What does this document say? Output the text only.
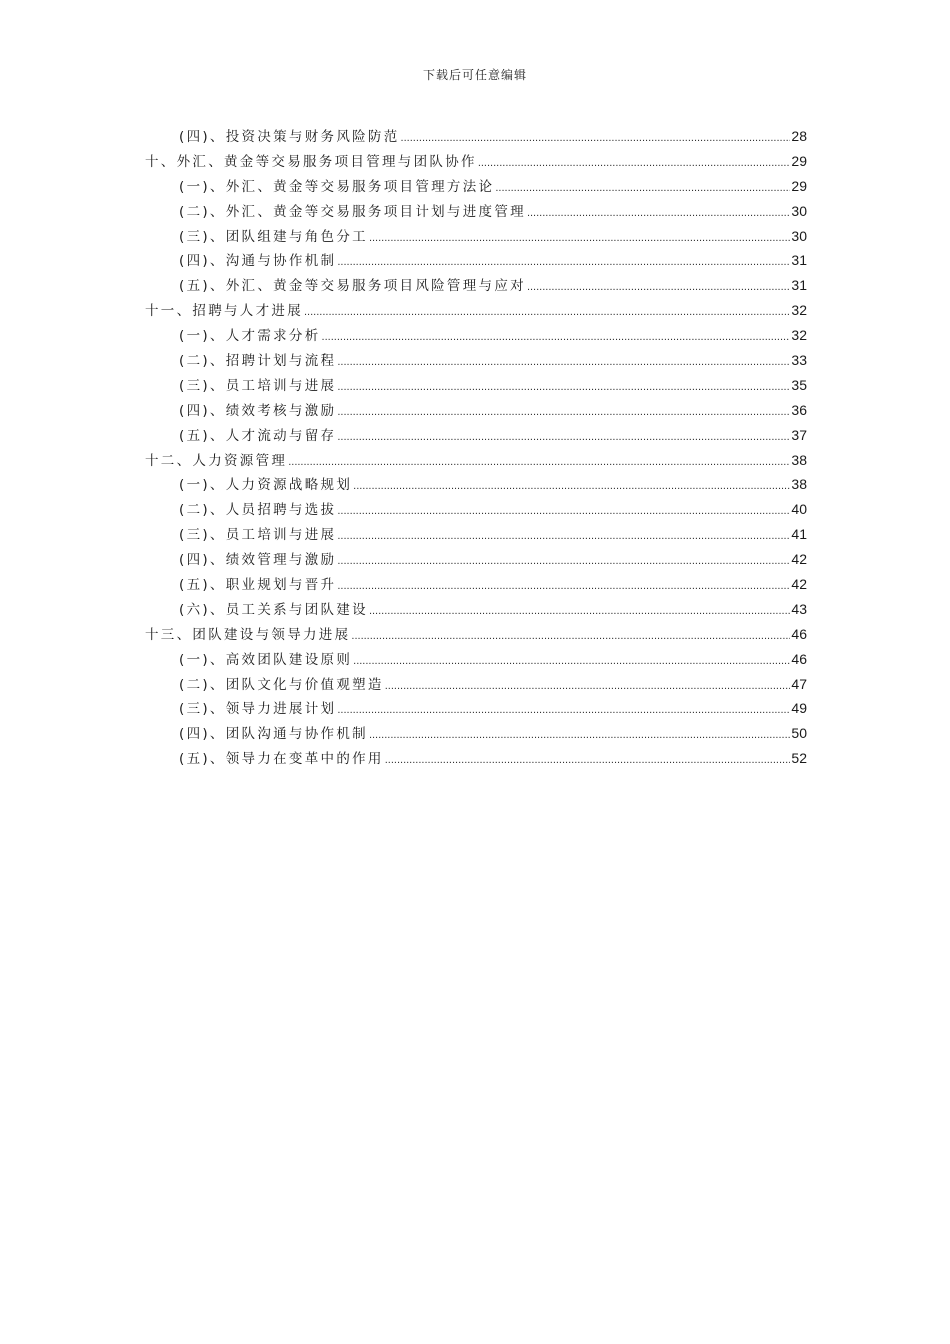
下载后可任意编辑
(四)、投资决策与财务风险防范 .....	28
十、外汇、黄金等交易服务项目管理与团队协作 .....	29
(一)、外汇、黄金等交易服务项目管理方法论 .....	29
(二)、外汇、黄金等交易服务项目计划与进度管理 .....	30
(三)、团队组建与角色分工 .....	30
(四)、沟通与协作机制 .....	31
(五)、外汇、黄金等交易服务项目风险管理与应对 .....	31
十一、招聘与人才进展 .....	32
(一)、人才需求分析 .....	32
(二)、招聘计划与流程 .....	33
(三)、员工培训与进展 .....	35
(四)、绩效考核与激励 .....	36
(五)、人才流动与留存 .....	37
十二、人力资源管理 .....	38
(一)、人力资源战略规划 .....	38
(二)、人员招聘与选拔 .....	40
(三)、员工培训与进展 .....	41
(四)、绩效管理与激励 .....	42
(五)、职业规划与晋升 .....	42
(六)、员工关系与团队建设 .....	43
十三、团队建设与领导力进展 .....	46
(一)、高效团队建设原则 .....	46
(二)、团队文化与价值观塑造 .....	47
(三)、领导力进展计划 .....	49
(四)、团队沟通与协作机制 .....	50
(五)、领导力在变革中的作用 .....	52
